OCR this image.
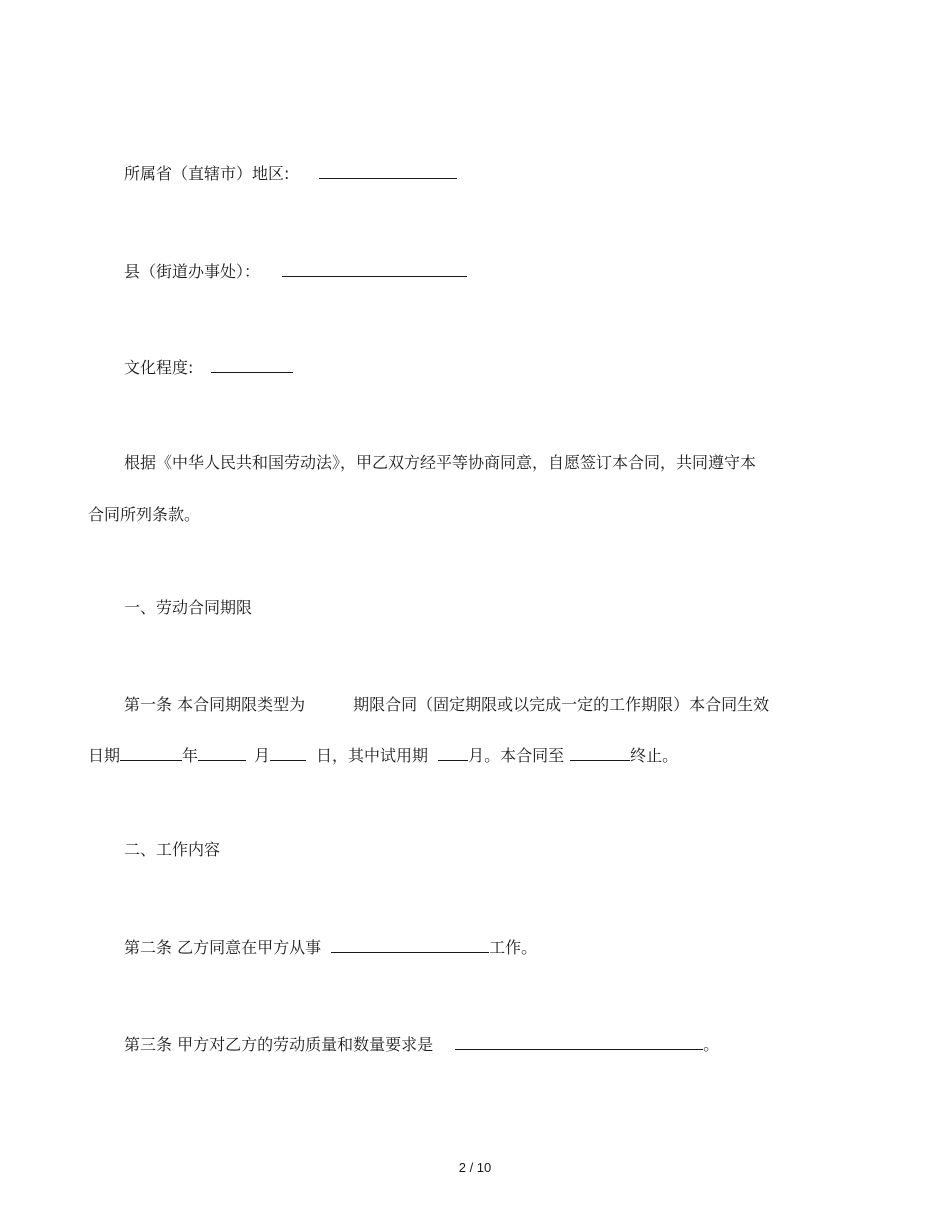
所属省（直辖市）地区:
县（街道办事处）：
文化程度:
根据《中华人民共和国劳动法》，甲乙双方经平等协商同意，自愿签订本合同，共同遵守本
合同所列条款。
一、劳动合同期限
第一条 本合同期限类型为	期限合同（固定期限或以完成一定的工作期限）本合同生效
日期	年	月	日，其中试用期	月。本合同至	终止。
二、工作内容
第二条 乙方同意在甲方从事	工作。
第三条 甲方对乙方的劳动质量和数量要求是	。
2 / 10
